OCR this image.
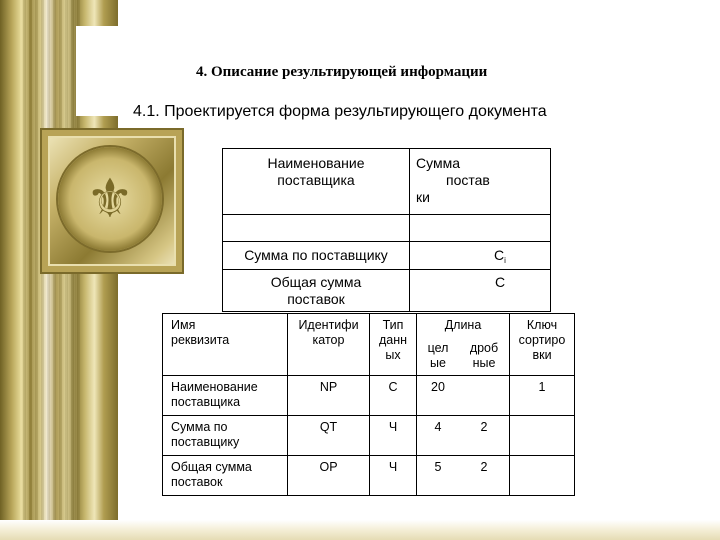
⚜
4. Описание результирующей информации
4.1. Проектируется форма результирующего документа
Наименование поставщика	Сумма
постав
ки

Сумма по поставщику	$C_i$

Общая сумма поставок	C
Имя реквизита	Идентифи катор	Тип данн ых	Длина		Ключ сортиро вки

			цел ые	дроб ные	

Наименование поставщика	NP	C	20		1
Сумма по поставщику	QT	Ч	4	2	
Общая сумма поставок	OP	Ч	5	2	
